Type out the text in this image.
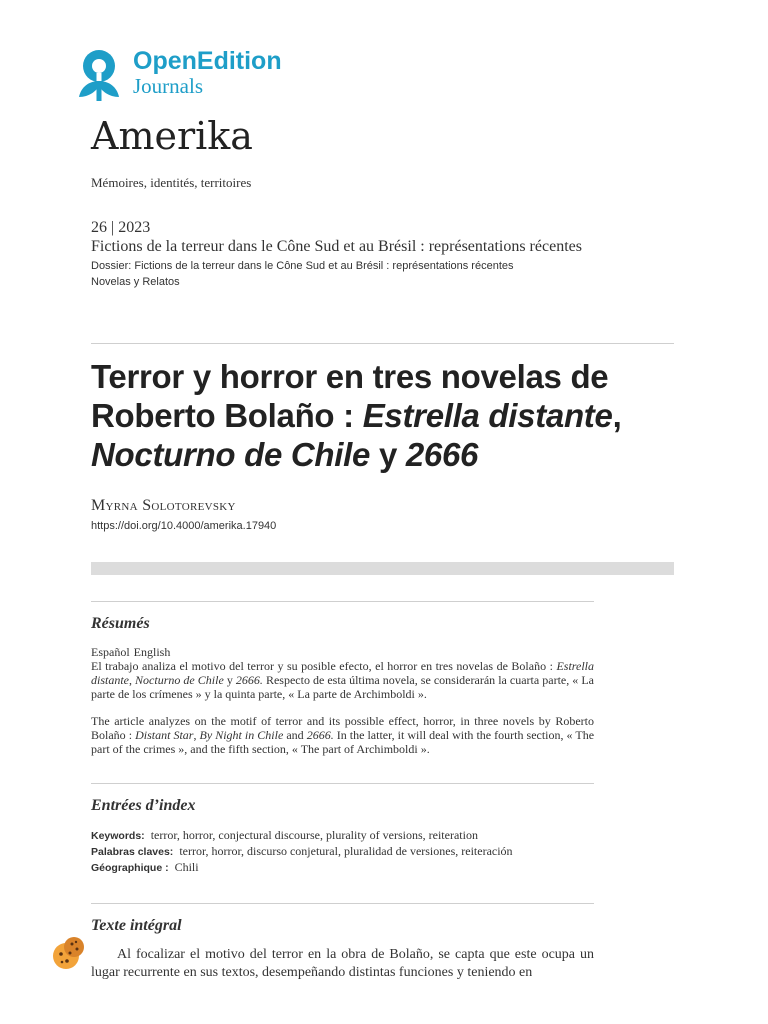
OpenEdition
Journals
Amerika
Mémoires, identités, territoires
26 | 2023
Fictions de la terreur dans le Cône Sud et au Brésil : représentations récentes
Dossier: Fictions de la terreur dans le Cône Sud et au Brésil : représentations récentes
Novelas y Relatos
Terror y horror en tres novelas de Roberto Bolaño : Estrella distante, Nocturno de Chile y 2666
Myrna Solotorevsky
https://doi.org/10.4000/amerika.17940
Résumés
Español English

El trabajo analiza el motivo del terror y su posible efecto, el horror en tres novelas de Bolaño : Estrella distante, Nocturno de Chile y 2666. Respecto de esta última novela, se considerarán la cuarta parte, « La parte de los crímenes » y la quinta parte, « La parte de Archimboldi ».

The article analyzes on the motif of terror and its possible effect, horror, in three novels by Roberto Bolaño : Distant Star, By Night in Chile and 2666. In the latter, it will deal with the fourth section, « The part of the crimes », and the fifth section, « The part of Archimboldi ».

Entrées d’index
Keywords: terror, horror, conjectural discourse, plurality of versions, reiteration
Palabras claves: terror, horror, discurso conjetural, pluralidad de versiones, reiteración
Géographique : Chili
Texte intégral

Al focalizar el motivo del terror en la obra de Bolaño, se capta que este ocupa un lugar recurrente en sus textos, desempeñando distintas funciones y teniendo en
